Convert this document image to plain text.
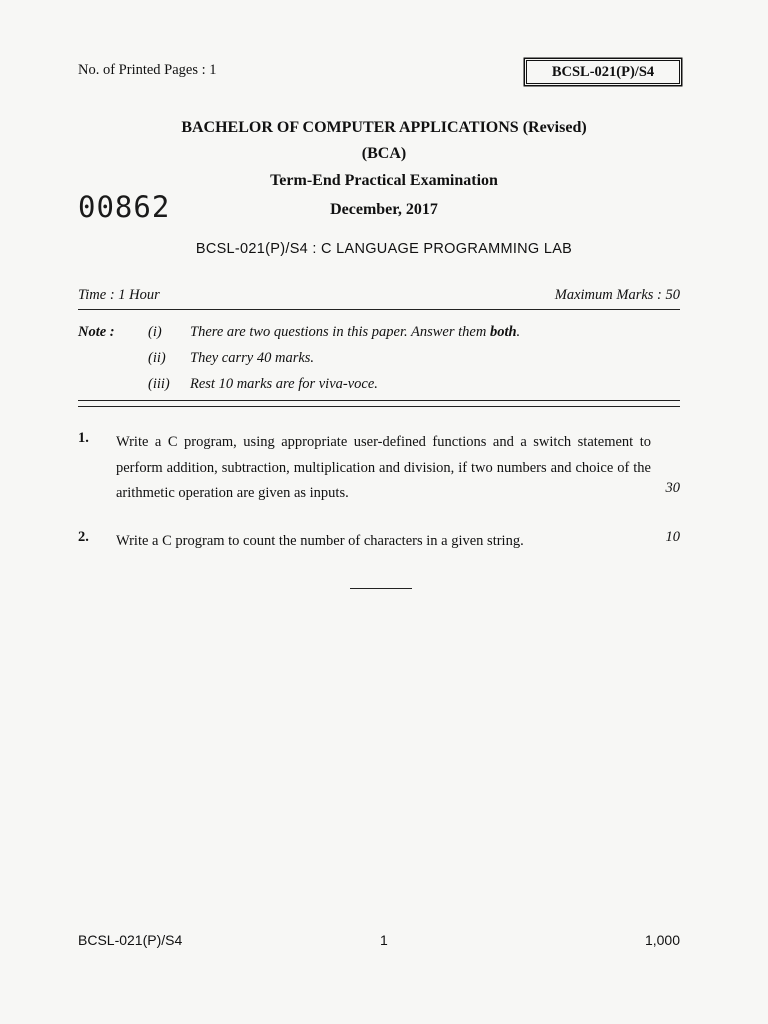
No. of Printed Pages : 1	BCSL-021(P)/S4
BACHELOR OF COMPUTER APPLICATIONS (Revised)
(BCA)
Term-End Practical Examination
December, 2017
00862
BCSL-021(P)/S4 : C LANGUAGE PROGRAMMING LAB
Time : 1 Hour	Maximum Marks : 50
Note : (i) There are two questions in this paper. Answer them both.
(ii) They carry 40 marks.
(iii) Rest 10 marks are for viva-voce.
1. Write a C program, using appropriate user-defined functions and a switch statement to perform addition, subtraction, multiplication and division, if two numbers and choice of the arithmetic operation are given as inputs.	30
2. Write a C program to count the number of characters in a given string.	10
BCSL-021(P)/S4	1	1,000
